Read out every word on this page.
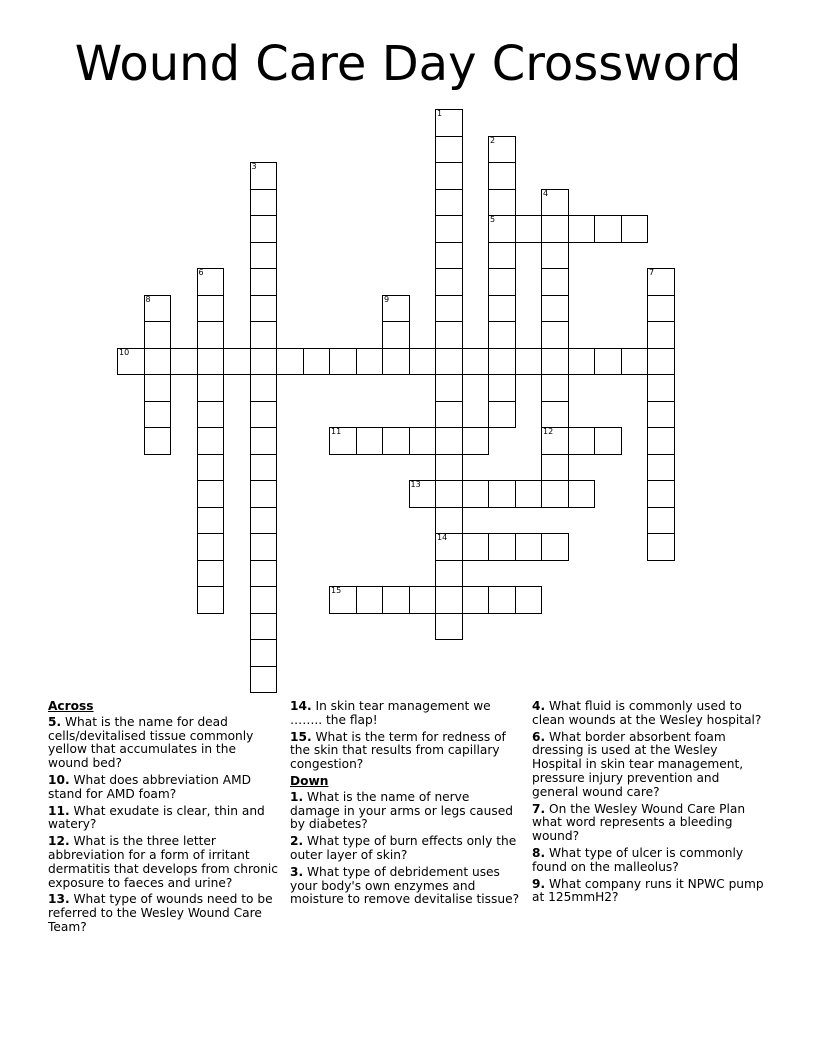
Wound Care Day Crossword
1
14
2
5
3
4
12
6	7
8	9
10
11
13
15
Across
5. What is the name for dead cells/devitalised tissue commonly yellow that accumulates in the wound bed?
10. What does abbreviation AMD stand for AMD foam?
11. What exudate is clear, thin and watery?
12. What is the three letter abbreviation for a form of irritant dermatitis that develops from chronic exposure to faeces and urine?
13. What type of wounds need to be referred to the Wesley Wound Care Team?
14. In skin tear management we …….. the flap!
15. What is the term for redness of the skin that results from capillary congestion?
Down
1. What is the name of nerve damage in your arms or legs caused by diabetes?
2. What type of burn effects only the outer layer of skin?
3. What type of debridement uses your body's own enzymes and moisture to remove devitalise tissue?
4. What fluid is commonly used to clean wounds at the Wesley hospital?
6. What border absorbent foam dressing is used at the Wesley Hospital in skin tear management, pressure injury prevention and general wound care?
7. On the Wesley Wound Care Plan what word represents a bleeding wound?
8. What type of ulcer is commonly found on the malleolus?
9. What company runs it NPWC pump at 125mmH2?
